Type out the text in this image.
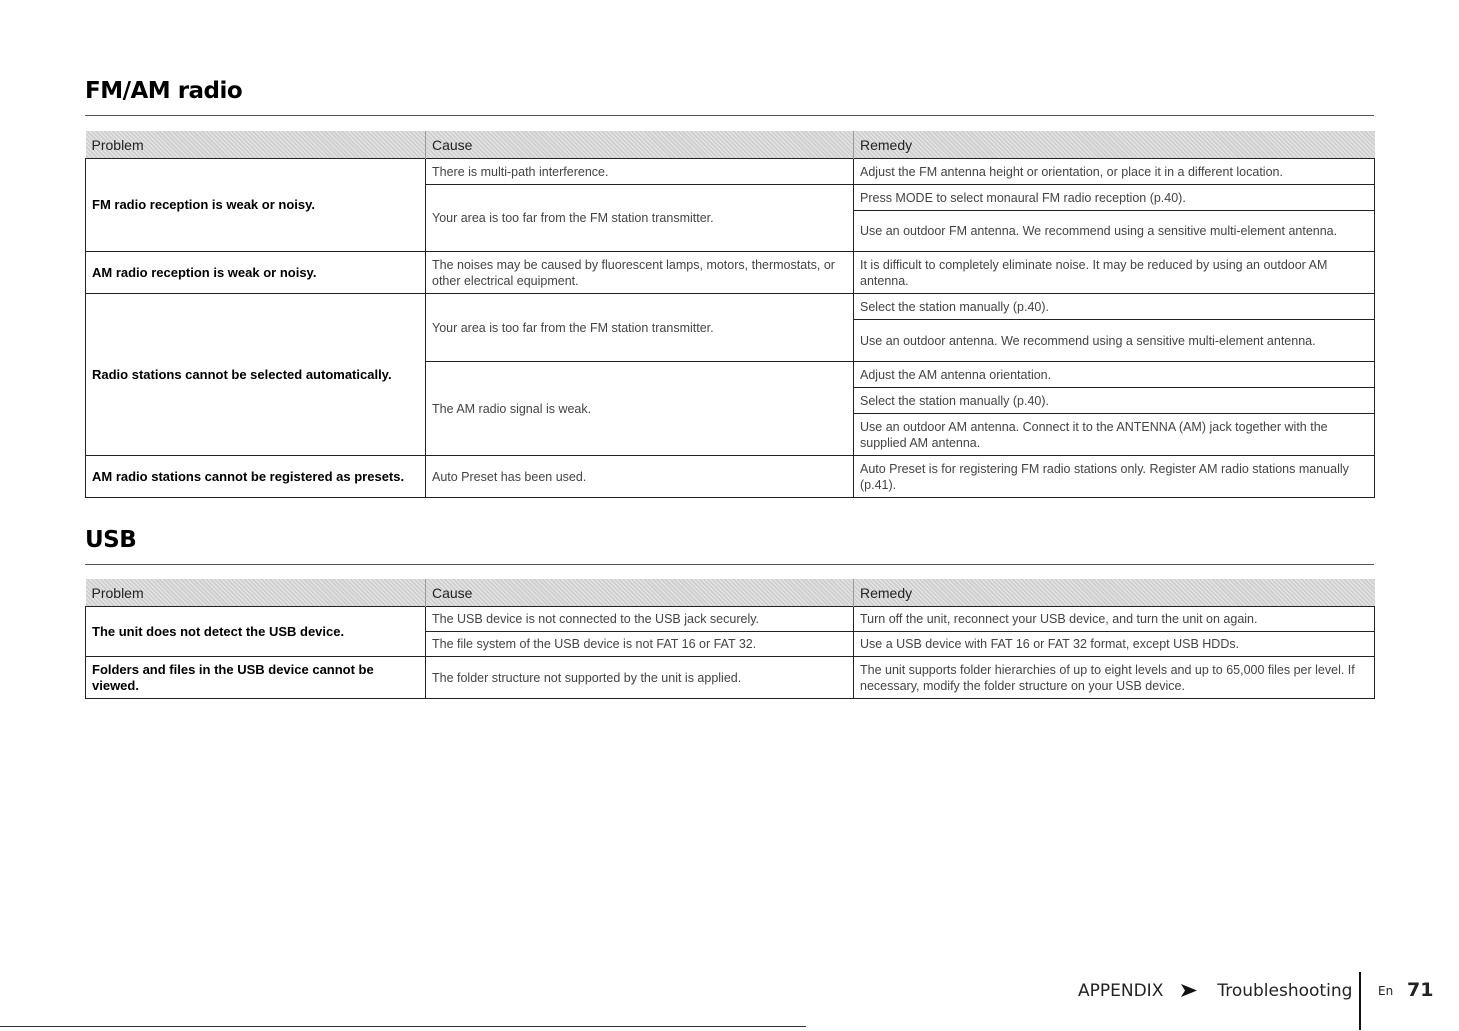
FM/AM radio
Problem	Cause	Remedy
FM radio reception is weak or noisy.	There is multi-path interference.	Adjust the FM antenna height or orientation, or place it in a different location.
	Your area is too far from the FM station transmitter.	Press MODE to select monaural FM radio reception (p.40).
		Use an outdoor FM antenna. We recommend using a sensitive multi-element antenna.
AM radio reception is weak or noisy.	The noises may be caused by fluorescent lamps, motors, thermostats, or other electrical equipment.	It is difficult to completely eliminate noise. It may be reduced by using an outdoor AM antenna.
Radio stations cannot be selected automatically.	Your area is too far from the FM station transmitter.	Select the station manually (p.40).
		Use an outdoor antenna. We recommend using a sensitive multi-element antenna.
	The AM radio signal is weak.	Adjust the AM antenna orientation.
		Select the station manually (p.40).
		Use an outdoor AM antenna. Connect it to the ANTENNA (AM) jack together with the supplied AM antenna.
AM radio stations cannot be registered as presets.	Auto Preset has been used.	Auto Preset is for registering FM radio stations only. Register AM radio stations manually (p.41).
USB
Problem	Cause	Remedy
The unit does not detect the USB device.	The USB device is not connected to the USB jack securely.	Turn off the unit, reconnect your USB device, and turn the unit on again.
	The file system of the USB device is not FAT 16 or FAT 32.	Use a USB device with FAT 16 or FAT 32 format, except USB HDDs.
Folders and files in the USB device cannot be viewed.	The folder structure not supported by the unit is applied.	The unit supports folder hierarchies of up to eight levels and up to 65,000 files per level. If necessary, modify the folder structure on your USB device.
APPENDIX	Troubleshooting En 71
